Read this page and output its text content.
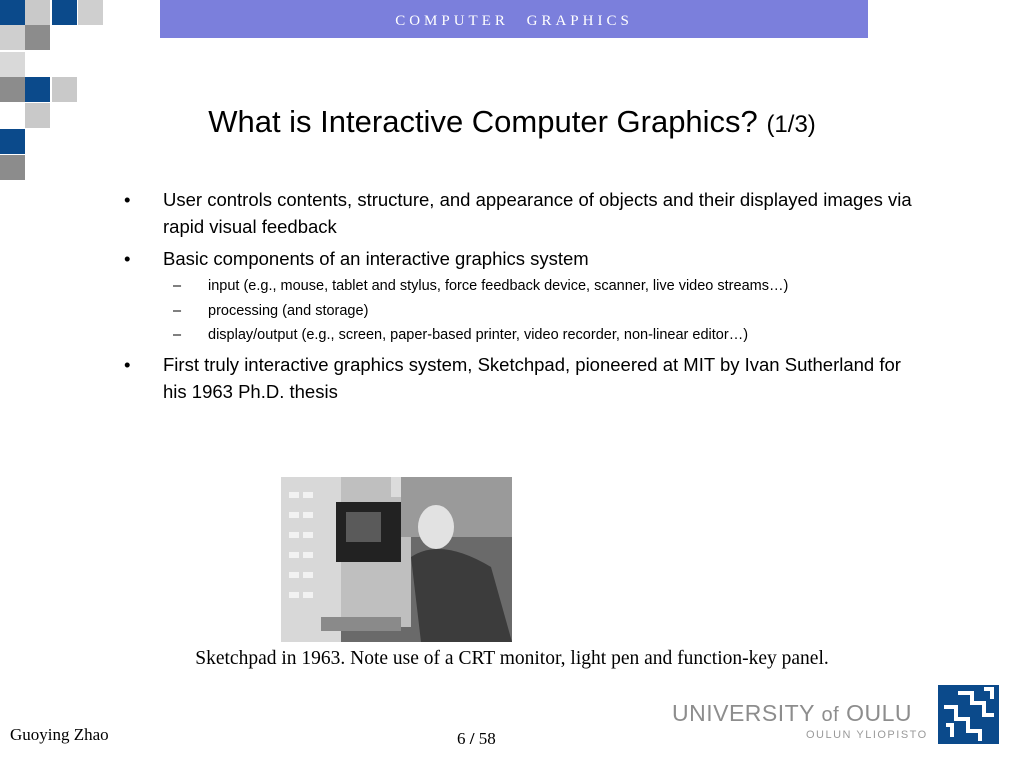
COMPUTER GRAPHICS
What is Interactive Computer Graphics? (1/3)
• User controls contents, structure, and appearance of objects and their displayed images via rapid visual feedback
• Basic components of an interactive graphics system
– input (e.g., mouse, tablet and stylus, force feedback device, scanner, live video streams…)
– processing (and storage)
– display/output (e.g., screen, paper-based printer, video recorder, non-linear editor…)
• First truly interactive graphics system, Sketchpad, pioneered at MIT by Ivan Sutherland for his 1963 Ph.D. thesis
Sketchpad in 1963. Note use of a CRT monitor, light pen and function-key panel.
Guoying Zhao	6 / 58
UNIVERSITY of OULU
OULUN YLIOPISTO
